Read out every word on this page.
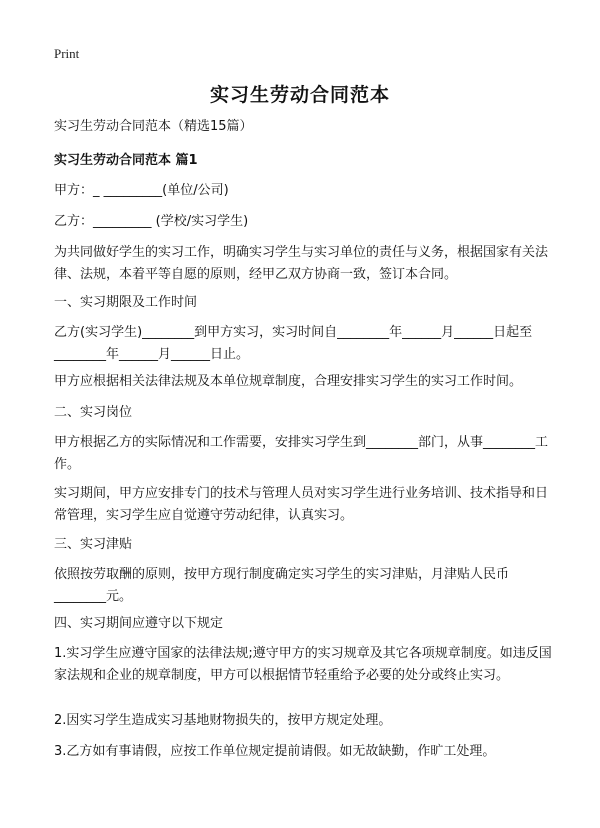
Print
实习生劳动合同范本
实习生劳动合同范本（精选15篇）
实习生劳动合同范本 篇1
甲方：_ _________(单位/公司)
乙方：_________ (学校/实习学生)
为共同做好学生的实习工作，明确实习学生与实习单位的责任与义务，根据国家有关法律、法规，本着平等自愿的原则，经甲乙双方协商一致，签订本合同。
一、实习期限及工作时间
乙方(实习学生)________到甲方实习，实习时间自________年______月______日起至________年______月______日止。
甲方应根据相关法律法规及本单位规章制度，合理安排实习学生的实习工作时间。
二、实习岗位
甲方根据乙方的实际情况和工作需要，安排实习学生到________部门，从事________工作。
实习期间，甲方应安排专门的技术与管理人员对实习学生进行业务培训、技术指导和日常管理，实习学生应自觉遵守劳动纪律，认真实习。
三、实习津贴
依照按劳取酬的原则，按甲方现行制度确定实习学生的实习津贴，月津贴人民币________元。
四、实习期间应遵守以下规定
1.实习学生应遵守国家的法律法规;遵守甲方的实习规章及其它各项规章制度。如违反国家法规和企业的规章制度，甲方可以根据情节轻重给予必要的处分或终止实习。
2.因实习学生造成实习基地财物损失的，按甲方规定处理。
3.乙方如有事请假，应按工作单位规定提前请假。如无故缺勤，作旷工处理。
